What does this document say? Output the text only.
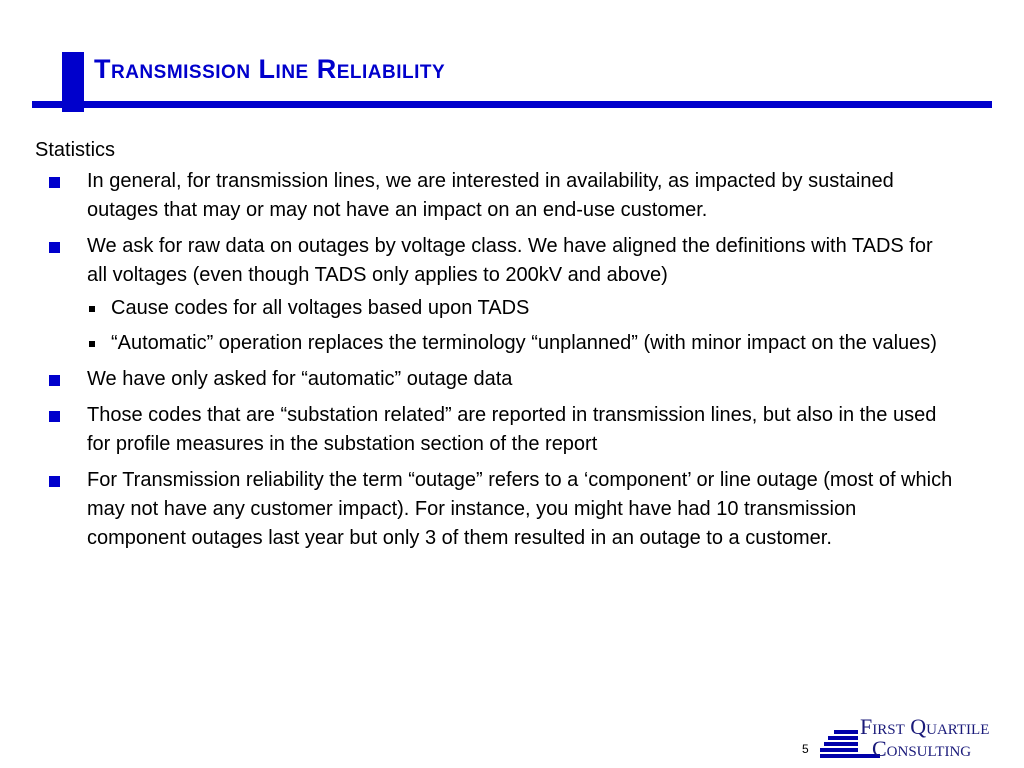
Transmission Line Reliability
Statistics
In general, for transmission lines, we are interested in availability, as impacted by sustained outages that may or may not have an impact on an end-use customer.
We ask for raw data on outages by voltage class. We have aligned the definitions with TADS for all voltages (even though TADS only applies to 200kV and above)
Cause codes for all voltages based upon TADS
“Automatic” operation replaces the terminology “unplanned” (with minor impact on the values)
We have only asked for “automatic” outage data
Those codes that are “substation related” are reported in transmission lines, but also in the used for profile measures in the substation section of the report
For Transmission reliability the term “outage” refers to a ‘component’ or line outage (most of which may not have any customer impact). For instance, you might have had 10 transmission component outages last year but only 3 of them resulted in an outage to a customer.
5
First Quartile
Consulting
